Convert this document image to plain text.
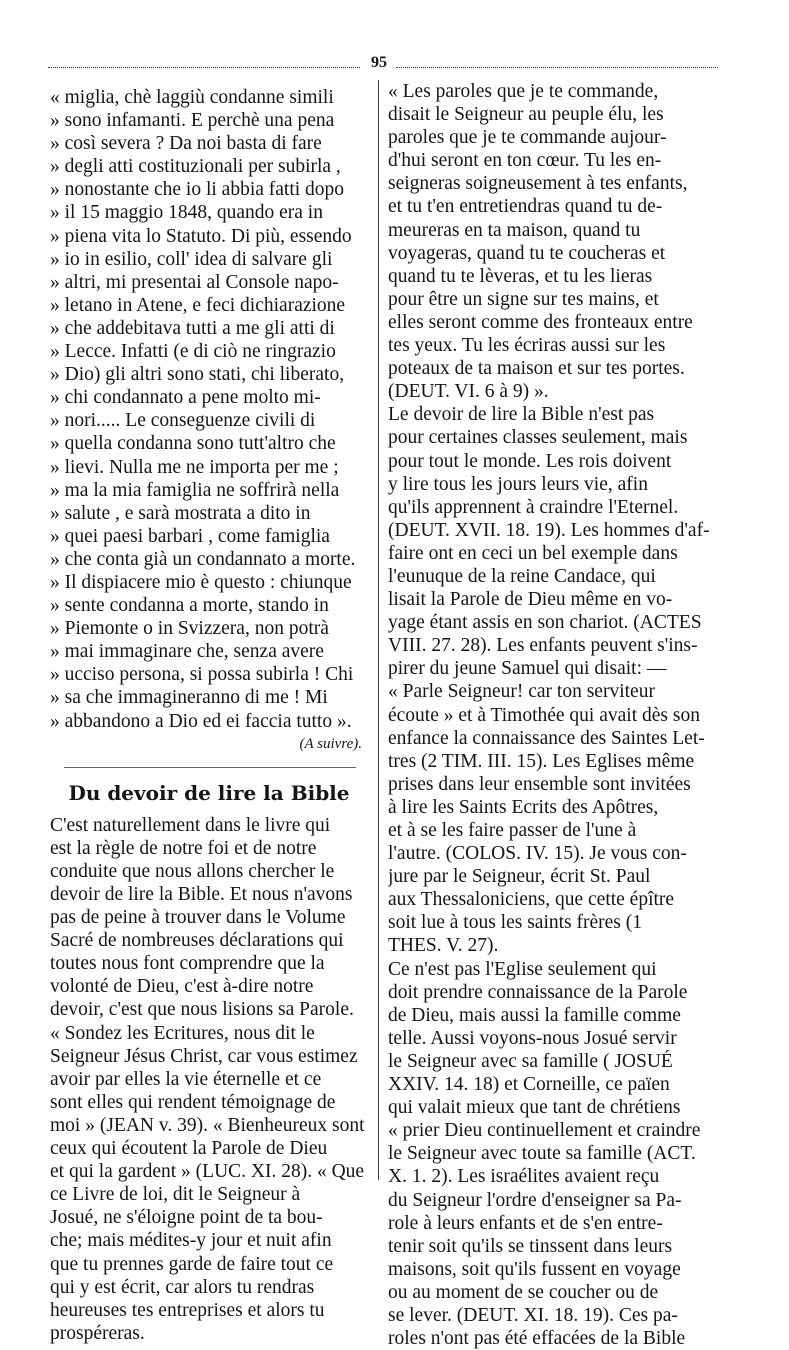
95
« miglia, chè laggiù condanne simili
» sono infamanti. E perchè una pena
» così severa ? Da noi basta di fare
» degli atti costituzionali per subirla ,
» nonostante che io li abbia fatti dopo
» il 15 maggio 1848, quando era in
» piena vita lo Statuto. Di più, essendo
» io in esilio, coll' idea di salvare gli
» altri, mi presentai al Console napo-
» letano in Atene, e feci dichiarazione
» che addebitava tutti a me gli atti di
» Lecce. Infatti (e di ciò ne ringrazio
» Dio) gli altri sono stati, chi liberato,
» chi condannato a pene molto mi-
» nori..... Le conseguenze civili di
» quella condanna sono tutt'altro che
» lievi. Nulla me ne importa per me ;
» ma la mia famiglia ne soffrirà nella
» salute , e sarà mostrata a dito in
» quei paesi barbari , come famiglia
» che conta già un condannato a morte.
» Il dispiacere mio è questo : chiunque
» sente condanna a morte, stando in
» Piemonte o in Svizzera, non potrà
» mai immaginare che, senza avere
» ucciso persona, si possa subirla ! Chi
» sa che immagineranno di me ! Mi
» abbandono a Dio ed ei faccia tutto ».
(A suivre).
Du devoir de lire la Bible
C'est naturellement dans le livre qui
est la règle de notre foi et de notre
conduite que nous allons chercher le
devoir de lire la Bible. Et nous n'avons
pas de peine à trouver dans le Volume
Sacré de nombreuses déclarations qui
toutes nous font comprendre que la
volonté de Dieu, c'est à-dire notre
devoir, c'est que nous lisions sa Parole.
« Sondez les Ecritures, nous dit le
Seigneur Jésus Christ, car vous estimez
avoir par elles la vie éternelle et ce
sont elles qui rendent témoignage de
moi » (JEAN v. 39). « Bienheureux sont
ceux qui écoutent la Parole de Dieu
et qui la gardent » (LUC. XI. 28). « Que
ce Livre de loi, dit le Seigneur à
Josué, ne s'éloigne point de ta bou-
che; mais médites-y jour et nuit afin
que tu prennes garde de faire tout ce
qui y est écrit, car alors tu rendras
heureuses tes entreprises et alors tu
prospéreras.
« Les paroles que je te commande,
disait le Seigneur au peuple élu, les
paroles que je te commande aujour-
d'hui seront en ton cœur. Tu les en-
seigneras soigneusement à tes enfants,
et tu t'en entretiendras quand tu de-
meureras en ta maison, quand tu
voyageras, quand tu te coucheras et
quand tu te lèveras, et tu les lieras
pour être un signe sur tes mains, et
elles seront comme des fronteaux entre
tes yeux. Tu les écriras aussi sur les
poteaux de ta maison et sur tes portes.
(DEUT. VI. 6 à 9) ».
Le devoir de lire la Bible n'est pas
pour certaines classes seulement, mais
pour tout le monde. Les rois doivent
y lire tous les jours leurs vie, afin
qu'ils apprennent à craindre l'Eternel.
(DEUT. XVII. 18. 19). Les hommes d'af-
faire ont en ceci un bel exemple dans
l'eunuque de la reine Candace, qui
lisait la Parole de Dieu même en vo-
yage étant assis en son chariot. (ACTES
VIII. 27. 28). Les enfants peuvent s'ins-
pirer du jeune Samuel qui disait: —
« Parle Seigneur! car ton serviteur
écoute » et à Timothée qui avait dès son
enfance la connaissance des Saintes Let-
tres (2 TIM. III. 15). Les Eglises même
prises dans leur ensemble sont invitées
à lire les Saints Ecrits des Apôtres,
et à se les faire passer de l'une à
l'autre. (COLOS. IV. 15). Je vous con-
jure par le Seigneur, écrit St. Paul
aux Thessaloniciens, que cette épître
soit lue à tous les saints frères (1
THES. V. 27).
Ce n'est pas l'Eglise seulement qui
doit prendre connaissance de la Parole
de Dieu, mais aussi la famille comme
telle. Aussi voyons-nous Josué servir
le Seigneur avec sa famille ( JOSUÉ
XXIV. 14. 18) et Corneille, ce païen
qui valait mieux que tant de chrétiens
« prier Dieu continuellement et craindre
le Seigneur avec toute sa famille (ACT.
X. 1. 2). Les israélites avaient reçu
du Seigneur l'ordre d'enseigner sa Pa-
role à leurs enfants et de s'en entre-
tenir soit qu'ils se tinssent dans leurs
maisons, soit qu'ils fussent en voyage
ou au moment de se coucher ou de
se lever. (DEUT. XI. 18. 19). Ces pa-
roles n'ont pas été effacées de la Bible
